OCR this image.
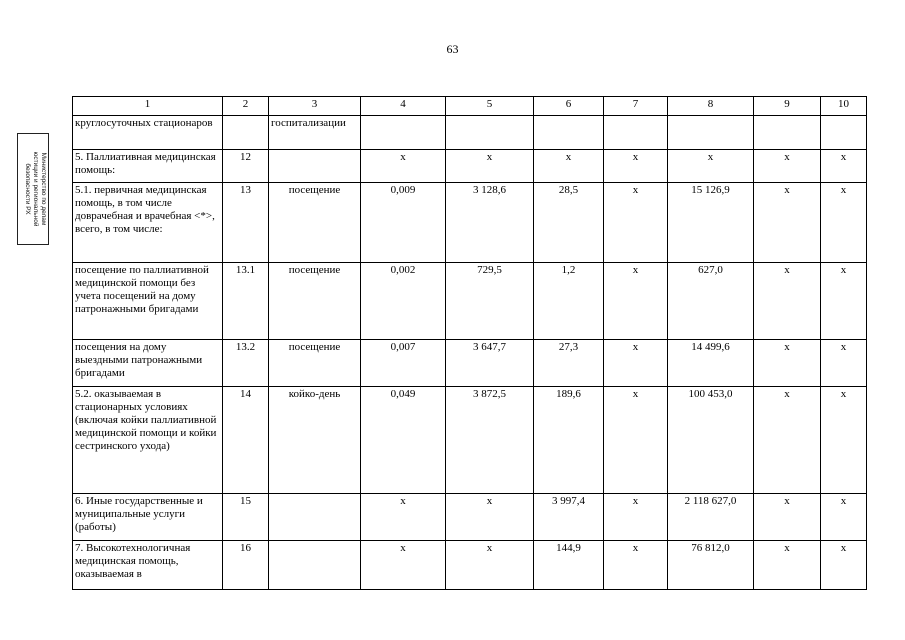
63
Министерство по делам
юстиции и региональной
безопасности РХ
1	2	3	4	5	6	7	8	9	10
круглосуточных стационаров		госпитализации							
5. Паллиативная медицинская помощь:	12		х	х	х	х	х	х	х
5.1. первичная медицинская помощь, в том числе доврачебная и врачебная <*>, всего, в том числе:	13	посещение	0,009	3 128,6	28,5	х	15 126,9	х	х
посещение по паллиативной медицинской помощи без учета посещений на дому патронажными бригадами	13.1	посещение	0,002	729,5	1,2	х	627,0	х	х
посещения на дому выездными патронажными бригадами	13.2	посещение	0,007	3 647,7	27,3	х	14 499,6	х	х
5.2. оказываемая в стационарных условиях (включая койки паллиативной медицинской помощи и койки сестринского ухода)	14	койко-день	0,049	3 872,5	189,6	х	100 453,0	х	х
6. Иные государственные и муниципальные услуги (работы)	15		х	х	3 997,4	х	2 118 627,0	х	х
7. Высокотехнологичная медицинская помощь, оказываемая в	16		х	х	144,9	х	76 812,0	х	х
